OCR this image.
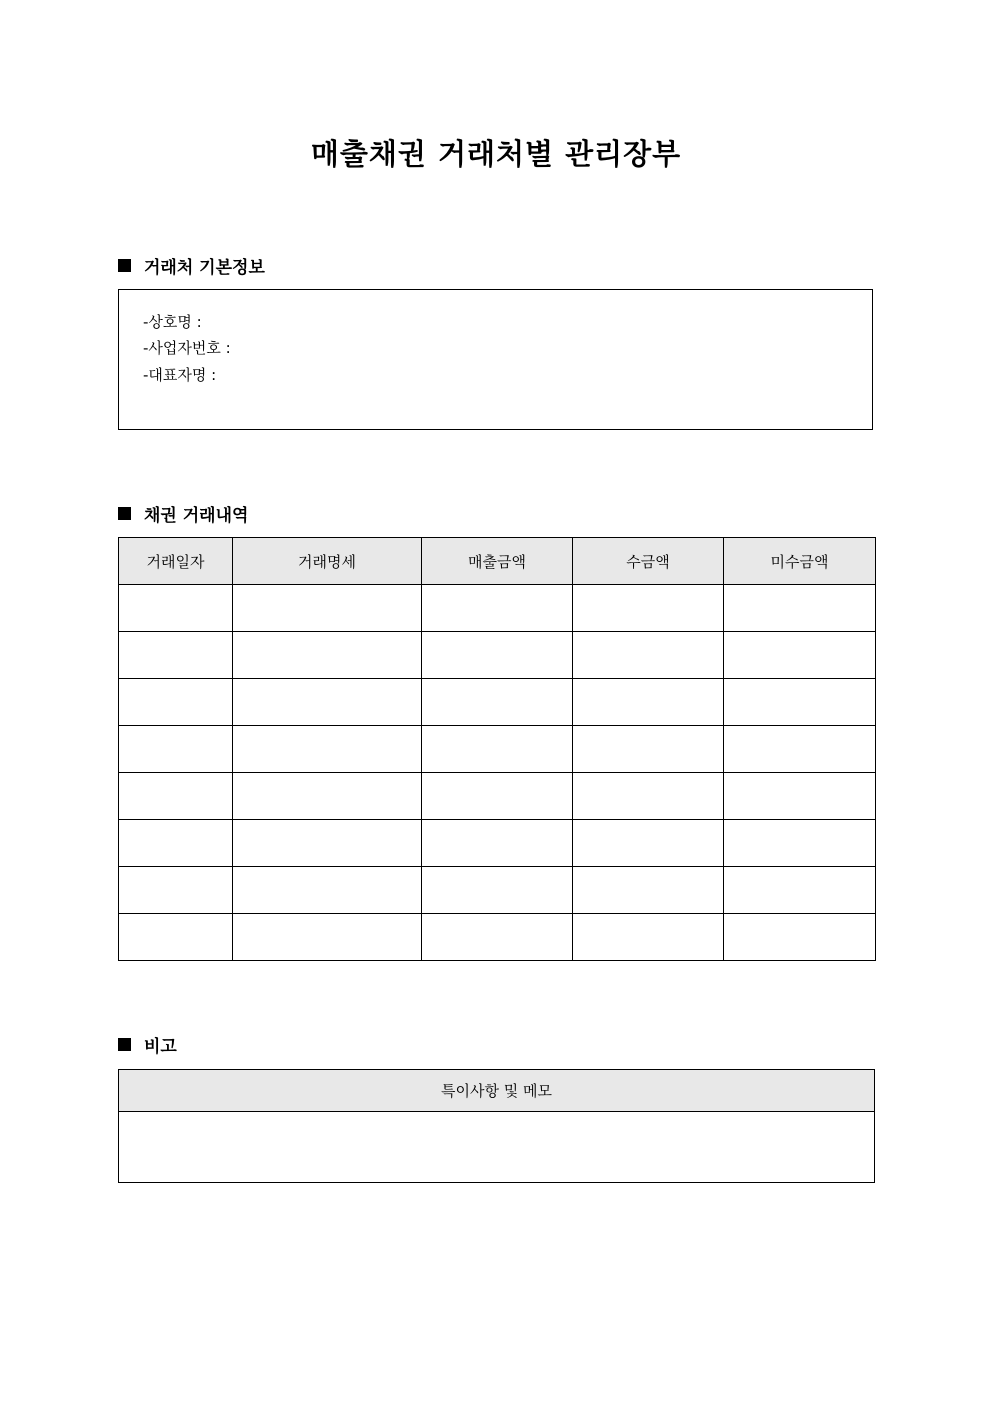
매출채권 거래처별 관리장부
거래처 기본정보
-상호명 :
-사업자번호 :
-대표자명 :
채권 거래내역
거래일자	거래명세	매출금액	수금액	미수금액

비고
특이사항 및 메모
